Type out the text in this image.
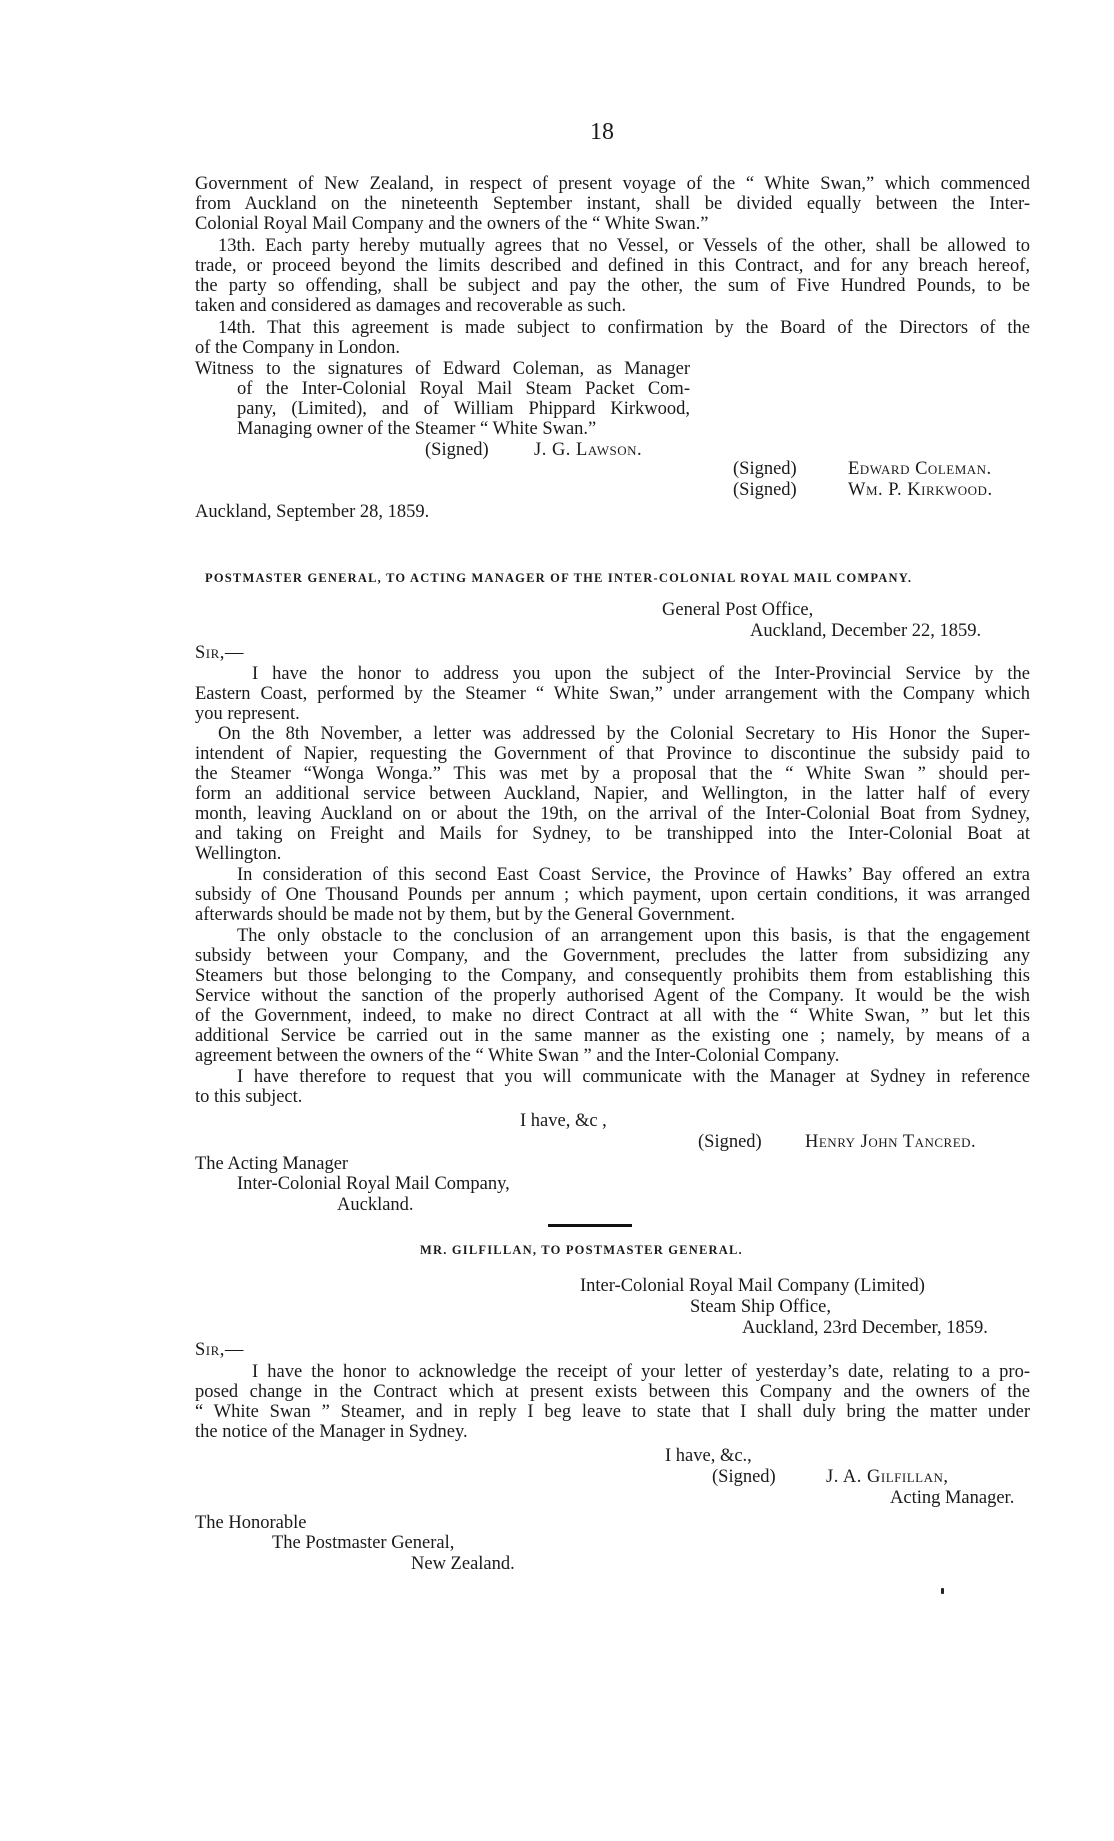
18
Government of New Zealand, in respect of present voyage of the “ White Swan,” which commenced
from Auckland on the nineteenth September instant, shall be divided equally between the Inter-
Colonial Royal Mail Company and the owners of the “ White Swan.”
13th. Each party hereby mutually agrees that no Vessel, or Vessels of the other, shall be allowed to
trade, or proceed beyond the limits described and defined in this Contract, and for any breach hereof,
the party so offending, shall be subject and pay the other, the sum of Five Hundred Pounds, to be
taken and considered as damages and recoverable as such.
14th. That this agreement is made subject to confirmation by the Board of the Directors of the
of the Company in London.
Witness to the signatures of Edward Coleman, as Manager
of the Inter-Colonial Royal Mail Steam Packet Com-
pany, (Limited), and of William Phippard Kirkwood,
Managing owner of the Steamer “ White Swan.”
(Signed) J. G. Lawson.
(Signed)	Edward Coleman.
(Signed)	Wm. P. Kirkwood.
Auckland, September 28, 1859.
POSTMASTER GENERAL, TO ACTING MANAGER OF THE INTER-COLONIAL ROYAL MAIL COMPANY.
General Post Office,
Auckland, December 22, 1859.
Sir,—
I have the honor to address you upon the subject of the Inter-Provincial Service by the
Eastern Coast, performed by the Steamer “ White Swan,” under arrangement with the Company which
you represent.
On the 8th November, a letter was addressed by the Colonial Secretary to His Honor the Super-
intendent of Napier, requesting the Government of that Province to discontinue the subsidy paid to
the Steamer “Wonga Wonga.” This was met by a proposal that the “ White Swan ” should per-
form an additional service between Auckland, Napier, and Wellington, in the latter half of every
month, leaving Auckland on or about the 19th, on the arrival of the Inter-Colonial Boat from Sydney,
and taking on Freight and Mails for Sydney, to be transhipped into the Inter-Colonial Boat at
Wellington.
In consideration of this second East Coast Service, the Province of Hawks’ Bay offered an extra
subsidy of One Thousand Pounds per annum ; which payment, upon certain conditions, it was arranged
afterwards should be made not by them, but by the General Government.
The only obstacle to the conclusion of an arrangement upon this basis, is that the engagement
subsidy between your Company, and the Government, precludes the latter from subsidizing any
Steamers but those belonging to the Company, and consequently prohibits them from establishing this
Service without the sanction of the properly authorised Agent of the Company. It would be the wish
of the Government, indeed, to make no direct Contract at all with the “ White Swan, ” but let this
additional Service be carried out in the same manner as the existing one ; namely, by means of a
agreement between the owners of the “ White Swan ” and the Inter-Colonial Company.
I have therefore to request that you will communicate with the Manager at Sydney in reference
to this subject.
I have, &c ,
(Signed) Henry John Tancred.
The Acting Manager
Inter-Colonial Royal Mail Company,
Auckland.
MR. GILFILLAN, TO POSTMASTER GENERAL.
Inter-Colonial Royal Mail Company (Limited)
Steam Ship Office,
Auckland, 23rd December, 1859.
Sir,—
I have the honor to acknowledge the receipt of your letter of yesterday’s date, relating to a pro-
posed change in the Contract which at present exists between this Company and the owners of the
“ White Swan ” Steamer, and in reply I beg leave to state that I shall duly bring the matter under
the notice of the Manager in Sydney.
I have, &c.,
(Signed)	J. A. Gilfillan,
Acting Manager.
The Honorable
The Postmaster General,
New Zealand.
